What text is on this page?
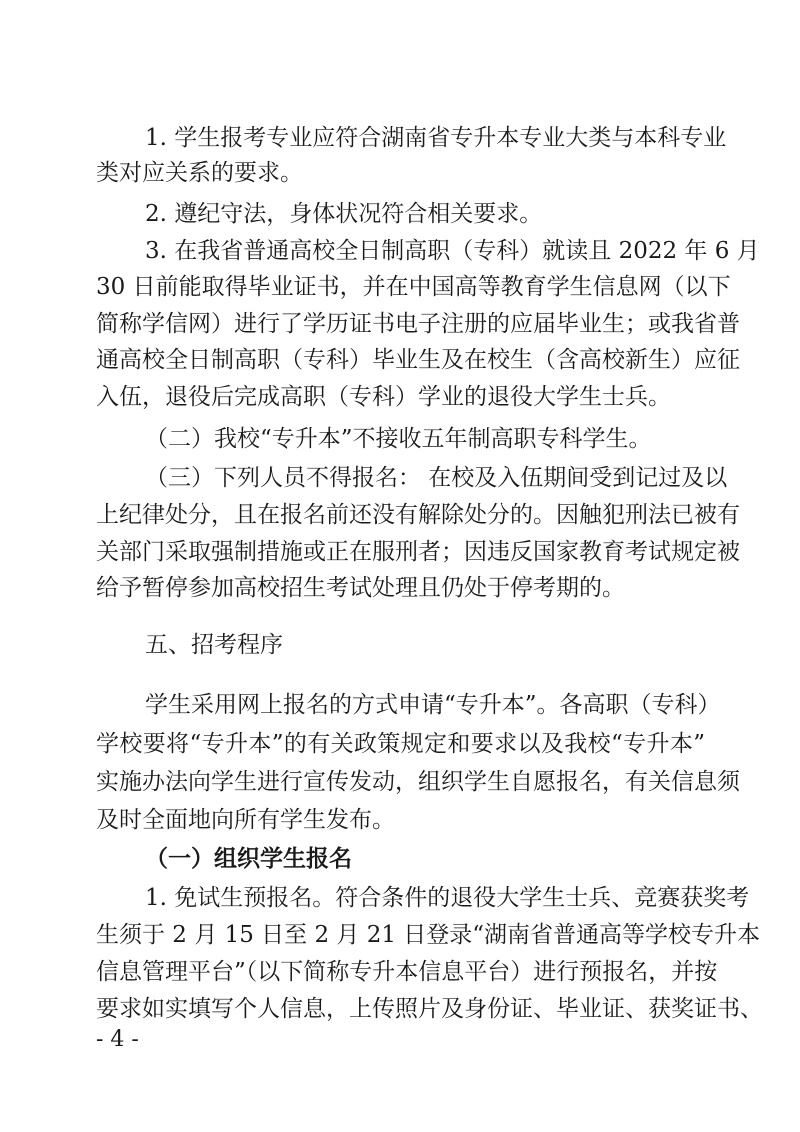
1. 学生报考专业应符合湖南省专升本专业大类与本科专业
类对应关系的要求。
2. 遵纪守法，身体状况符合相关要求。
3. 在我省普通高校全日制高职（专科）就读且 2022 年 6 月
30 日前能取得毕业证书，并在中国高等教育学生信息网（以下
简称学信网）进行了学历证书电子注册的应届毕业生；或我省普
通高校全日制高职（专科）毕业生及在校生（含高校新生）应征
入伍，退役后完成高职（专科）学业的退役大学生士兵。
（二）我校“专升本”不接收五年制高职专科学生。
（三）下列人员不得报名： 在校及入伍期间受到记过及以
上纪律处分，且在报名前还没有解除处分的。因触犯刑法已被有
关部门采取强制措施或正在服刑者；因违反国家教育考试规定被
给予暂停参加高校招生考试处理且仍处于停考期的。
五、招考程序
学生采用网上报名的方式申请“专升本”。各高职（专科）
学校要将“专升本”的有关政策规定和要求以及我校“专升本”
实施办法向学生进行宣传发动，组织学生自愿报名，有关信息须
及时全面地向所有学生发布。
（一）组织学生报名
1. 免试生预报名。符合条件的退役大学生士兵、竞赛获奖考
生须于 2 月 15 日至 2 月 21 日登录“湖南省普通高等学校专升本
信息管理平台”（以下简称专升本信息平台）进行预报名，并按
要求如实填写个人信息，上传照片及身份证、毕业证、获奖证书、
- 4 -
